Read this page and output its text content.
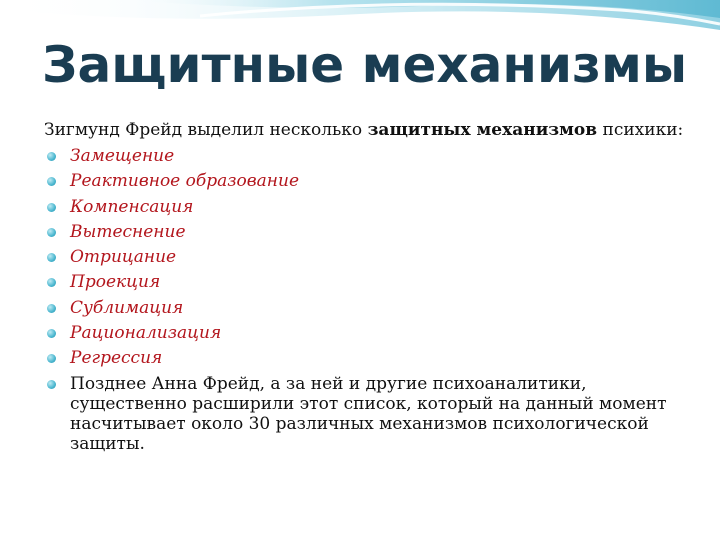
Защитные механизмы
Зигмунд Фрейд выделил несколько защитных механизмов психики:
Замещение
Реактивное образование
Компенсация
Вытеснение
Отрицание
Проекция
Сублимация
Рационализация
Регрессия
Позднее Анна Фрейд, а за ней и другие психоаналитики, существенно расширили этот список, который на данный момент насчитывает около 30 различных механизмов психологической защиты.
